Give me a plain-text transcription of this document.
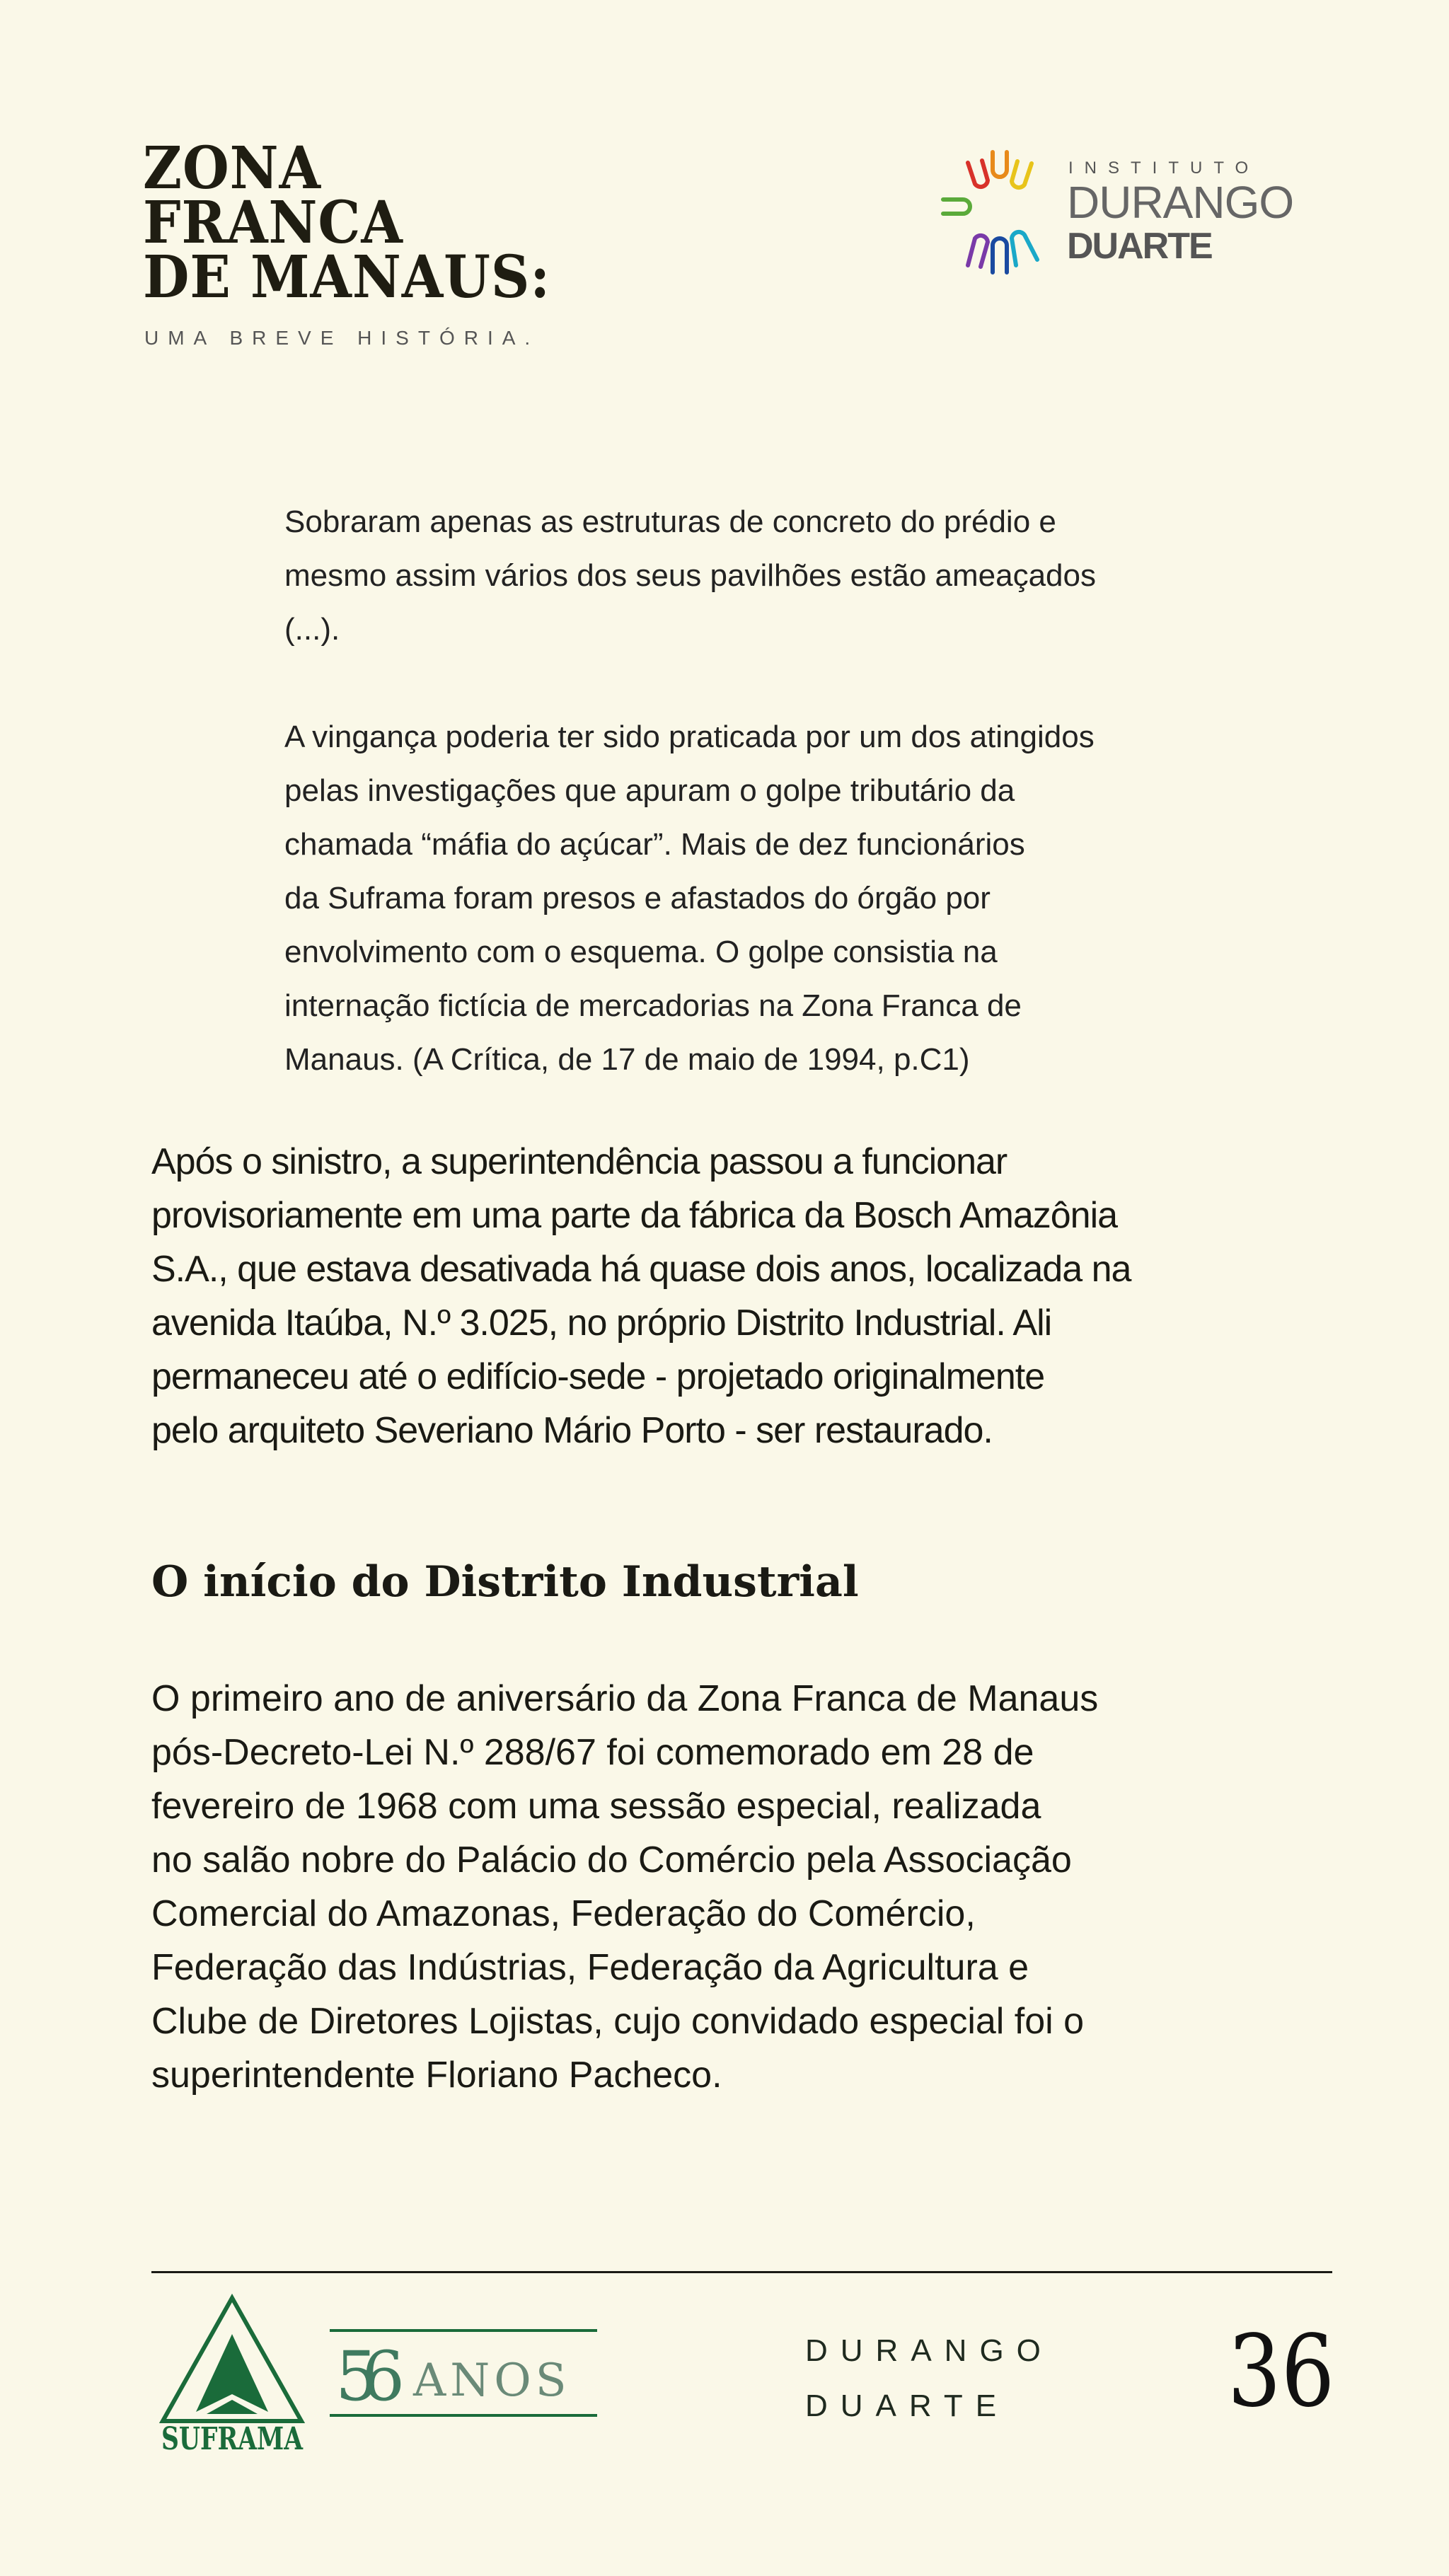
ZONA
FRANCA
DE MANAUS:
UMA BREVE HISTÓRIA.
INSTITUTO
DURANGO
DUARTE
Sobraram apenas as estruturas de concreto do prédio e
mesmo assim vários dos seus pavilhões estão ameaçados
(...).
A vingança poderia ter sido praticada por um dos atingidos
pelas investigações que apuram o golpe tributário da
chamada “máfia do açúcar”. Mais de dez funcionários
da Suframa foram presos e afastados do órgão por
envolvimento com o esquema. O golpe consistia na
internação fictícia de mercadorias na Zona Franca de
Manaus. (A Crítica, de 17 de maio de 1994, p.C1)
Após o sinistro, a superintendência passou a funcionar
provisoriamente em uma parte da fábrica da Bosch Amazônia
S.A., que estava desativada há quase dois anos, localizada na
avenida Itaúba, N.º 3.025, no próprio Distrito Industrial. Ali
permaneceu até o edifício-sede - projetado originalmente
pelo arquiteto Severiano Mário Porto - ser restaurado.
O início do Distrito Industrial
O primeiro ano de aniversário da Zona Franca de Manaus
pós-Decreto-Lei N.º 288/67 foi comemorado em 28 de
fevereiro de 1968 com uma sessão especial, realizada
no salão nobre do Palácio do Comércio pela Associação
Comercial do Amazonas, Federação do Comércio,
Federação das Indústrias, Federação da Agricultura e
Clube de Diretores Lojistas, cujo convidado especial foi o
superintendente Floriano Pacheco.
SUFRAMA
56 ANOS
DURANGO
DUARTE	36
